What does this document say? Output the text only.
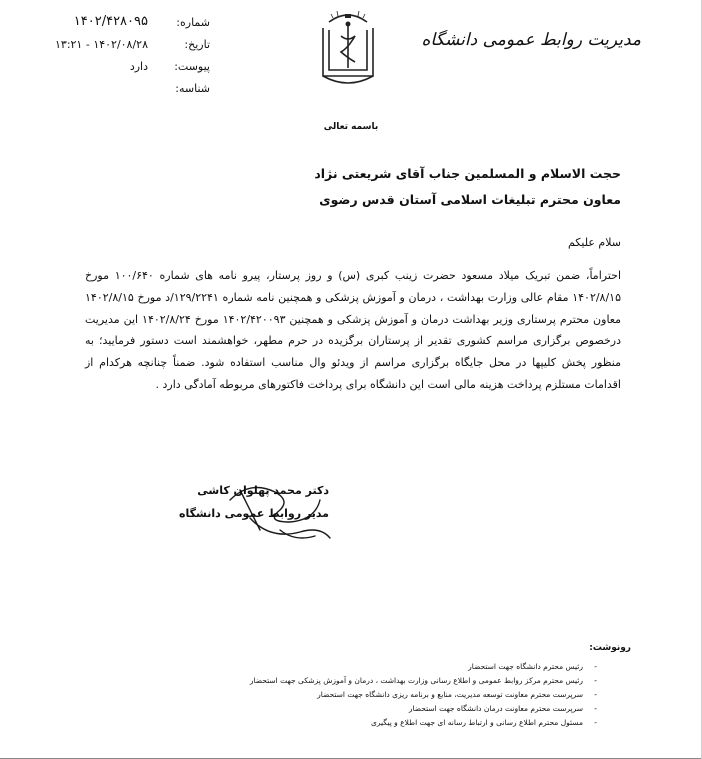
مدیریت روابط عمومی دانشگاه
شماره:
۱۴۰۲/۴۲۸۰۹۵
تاریخ:
۱۴۰۲/۰۸/۲۸ - ۱۳:۲۱
پیوست:
دارد
شناسه:
باسمه تعالی
حجت الاسلام و المسلمین جناب آقای شریعتی نژاد
معاون محترم تبلیغات اسلامی آستان قدس رضوی
سلام علیکم
احتراماً، ضمن تبریک میلاد مسعود حضرت زینب کبری (س) و روز پرستار، پیرو نامه های شماره ۱۰۰/۶۴۰ مورخ ۱۴۰۲/۸/۱۵ مقام عالی وزارت بهداشت ، درمان و آموزش پزشکی و همچنین نامه شماره ۱۲۹/۲۲۴۱/د مورخ ۱۴۰۲/۸/۱۵ معاون محترم پرستاری وزیر بهداشت درمان و آموزش پزشکی و همچنین ۱۴۰۲/۴۲۰۰۹۳ مورخ ۱۴۰۲/۸/۲۴ این مدیریت درخصوص برگزاری مراسم کشوری تقدیر از پرستاران برگزیده در حرم مطهر، خواهشمند است دستور فرمایید؛ به منظور پخش کلیپها در محل جایگاه برگزاری مراسم از ویدئو وال مناسب استفاده شود. ضمناً چنانچه هرکدام از اقدامات مستلزم پرداخت هزینه مالی است این دانشگاه برای پرداخت فاکتورهای مربوطه آمادگی دارد .
دکتر محمد پهلوان کاشی
مدیر روابط عمومی دانشگاه
رونوشت:
-
رئیس محترم دانشگاه جهت استحضار
-
رئیس محترم مرکز روابط عمومی و اطلاع رسانی وزارت بهداشت ، درمان و آموزش پزشکی جهت استحضار
-
سرپرست محترم معاونت توسعه مدیریت، منابع و برنامه ریزی دانشگاه جهت استحضار
-
سرپرست محترم معاونت درمان دانشگاه جهت استحضار
-
مسئول محترم اطلاع رسانی و ارتباط رسانه ای جهت اطلاع و پیگیری
